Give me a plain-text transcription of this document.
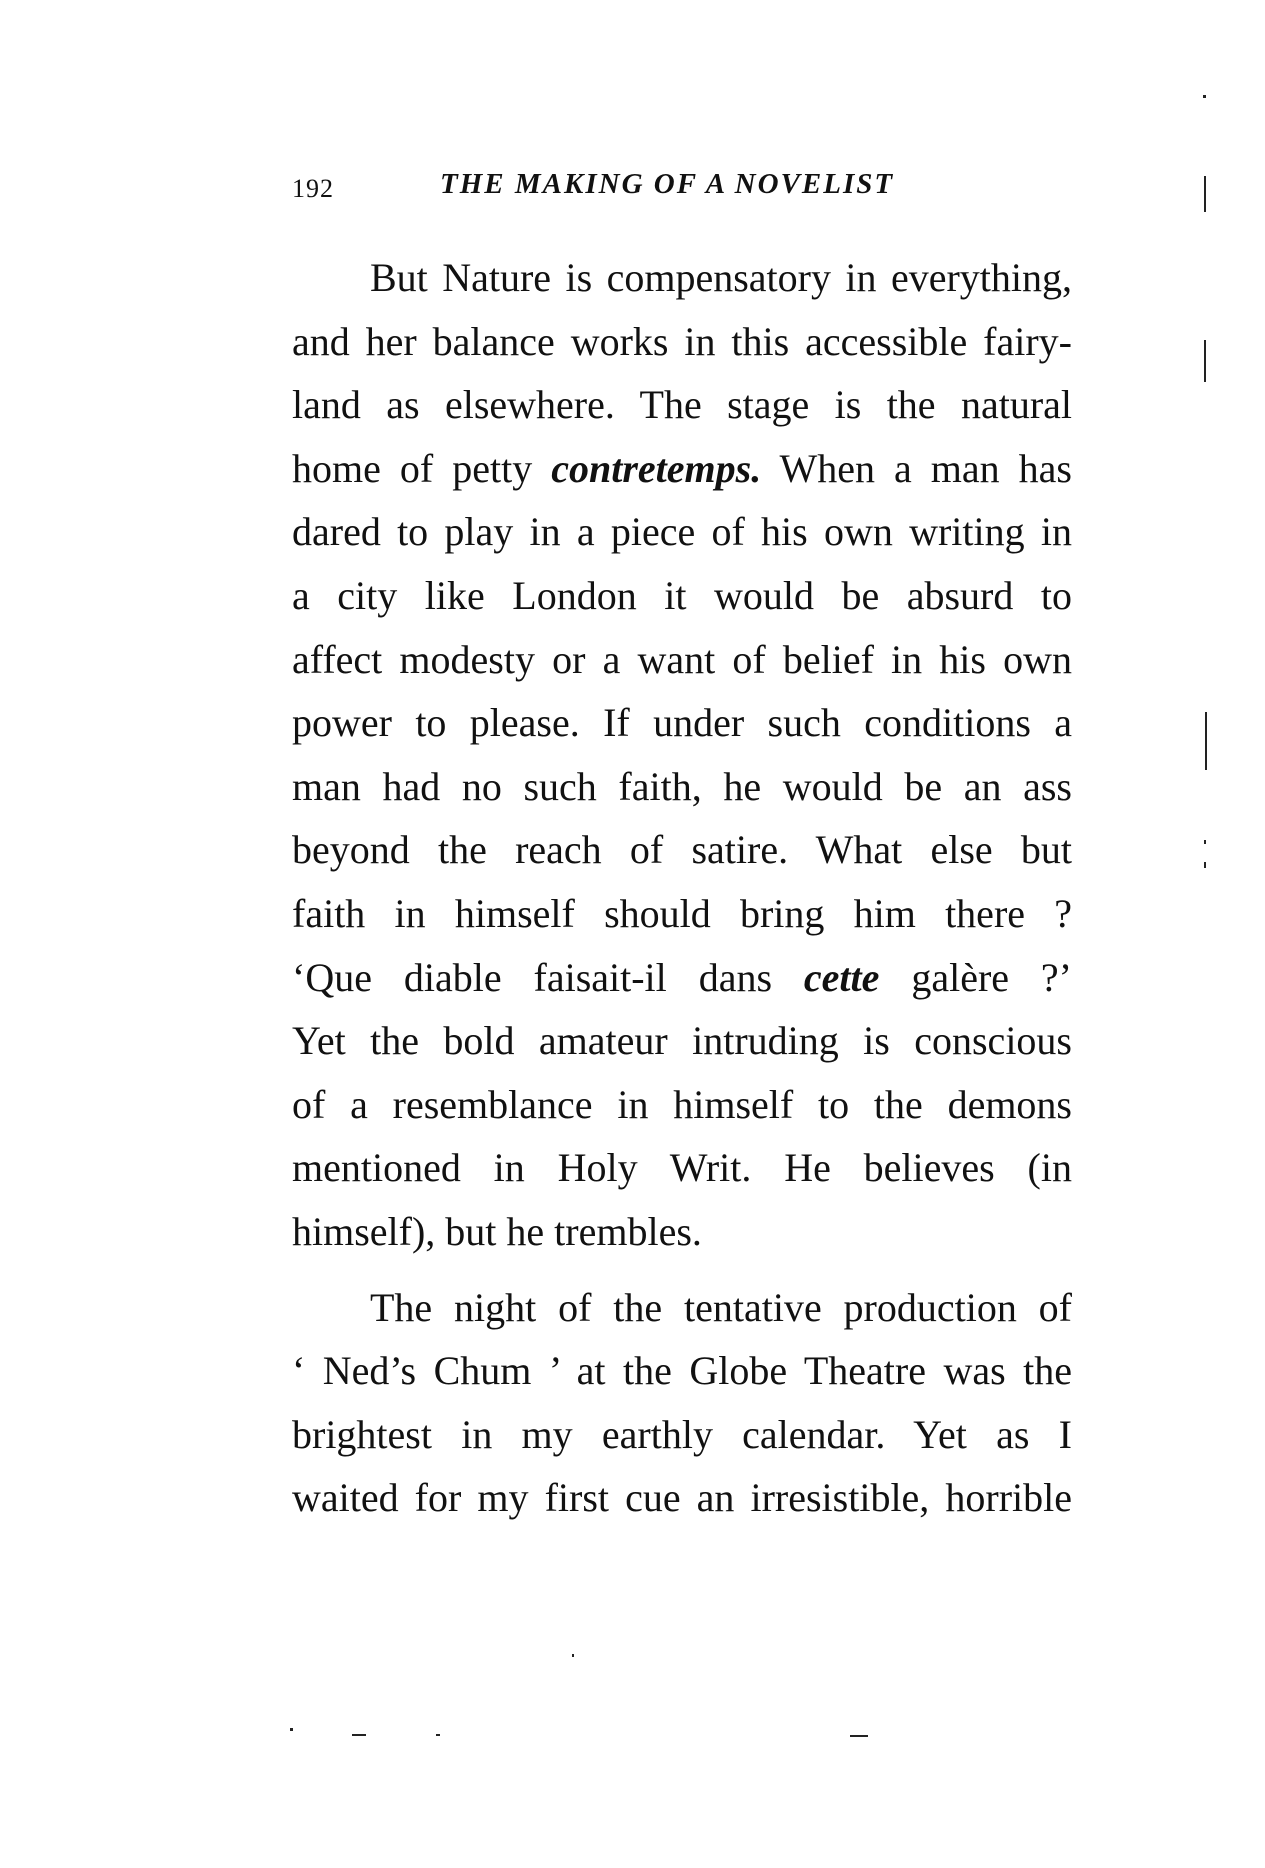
192	THE MAKING OF A NOVELIST
But Nature is compensatory in everything,
and her balance works in this accessible fairy-
land as elsewhere. The stage is the natural
home of petty contretemps. When a man has
dared to play in a piece of his own writing in
a city like London it would be absurd to
affect modesty or a want of belief in his own
power to please. If under such conditions a
man had no such faith, he would be an ass
beyond the reach of satire. What else but
faith in himself should bring him there ?
‘Que diable faisait-il dans cette galère ?’
Yet the bold amateur intruding is conscious
of a resemblance in himself to the demons
mentioned in Holy Writ. He believes (in
himself), but he trembles.
The night of the tentative production of
‘ Ned’s Chum ’ at the Globe Theatre was the
brightest in my earthly calendar. Yet as I
waited for my first cue an irresistible, horrible
